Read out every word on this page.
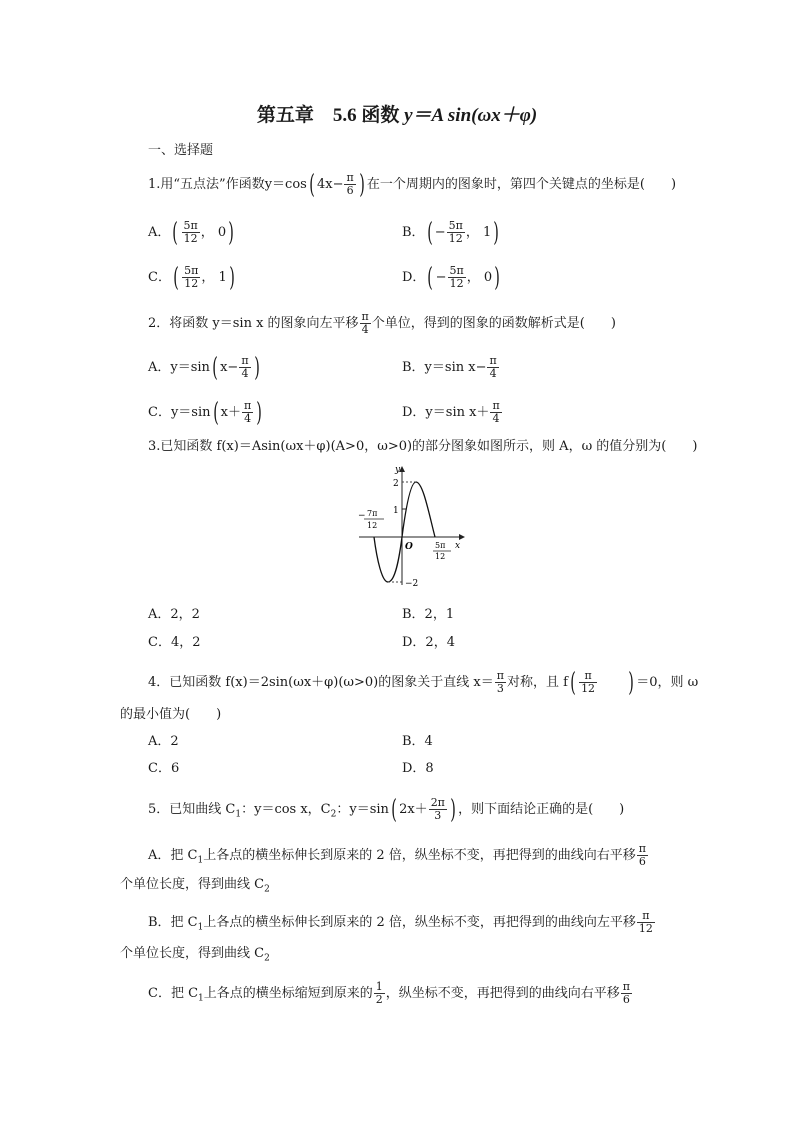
第五章　 5.6 函数 y＝A sin(ωx＋φ)
一、选择题
1.用“五点法”作函数y＝cos( $4x- \frac{\pi}{6}$ ) 在一个周期内的图象时，第四个关键点的坐标是(　　)
A．( $\frac{5\pi}{12}$ ， 0)	B．( − $\frac{5\pi}{12}$ ， 1)
C．( $\frac{5\pi}{12}$ ， 1)	D．( − $\frac{5\pi}{12}$ ， 0)
2．将函数 y＝sin x 的图象向左平移 $\frac{\pi}{4}$ 个单位，得到的图象的函数解析式是(　　)
A．y＝sin( $x- \frac{\pi}{4}$ )	B．y＝sin $x- \frac{\pi}{4}$
C．y＝sin( $x+ \frac{\pi}{4}$ )	D．y＝sin $x+ \frac{\pi}{4}$
3.已知函数 f(x)＝Asin(ωx＋φ)(A>0，ω>0)的部分图象如图所示，则 A，ω 的值分别为(　　)
y
x
O
2
1
−2
− 7π
12
5π
12
A．2，2	B．2，1
C．4，2	D．2，4
4．已知函数 f(x)＝2sin(ωx＋φ)(ω>0)的图象关于直线 $x= \frac{\pi}{3}$ 对称，且 $f( \frac{\pi}{12}$ ) ＝0，则 ω
的最小值为(　　)
A．2	B．4
C．6	D．8
5．已知曲线 $C_1$：y＝cos x，$C_2$：y＝sin( $2x+ \frac{2\pi}{3}$ ) ，则下面结论正确的是(　　)
A．把 $C_1$上各点的横坐标伸长到原来的 2 倍，纵坐标不变，再把得到的曲线向右平移 $\frac{\pi}{6}$
个单位长度，得到曲线 $C_2$
B．把 $C_1$上各点的横坐标伸长到原来的 2 倍，纵坐标不变，再把得到的曲线向左平移 $\frac{\pi}{12}$
个单位长度，得到曲线 $C_2$
C．把 $C_1$上各点的横坐标缩短到原来的 $\frac{1}{2}$ ，纵坐标不变，再把得到的曲线向右平移 $\frac{\pi}{6}$
